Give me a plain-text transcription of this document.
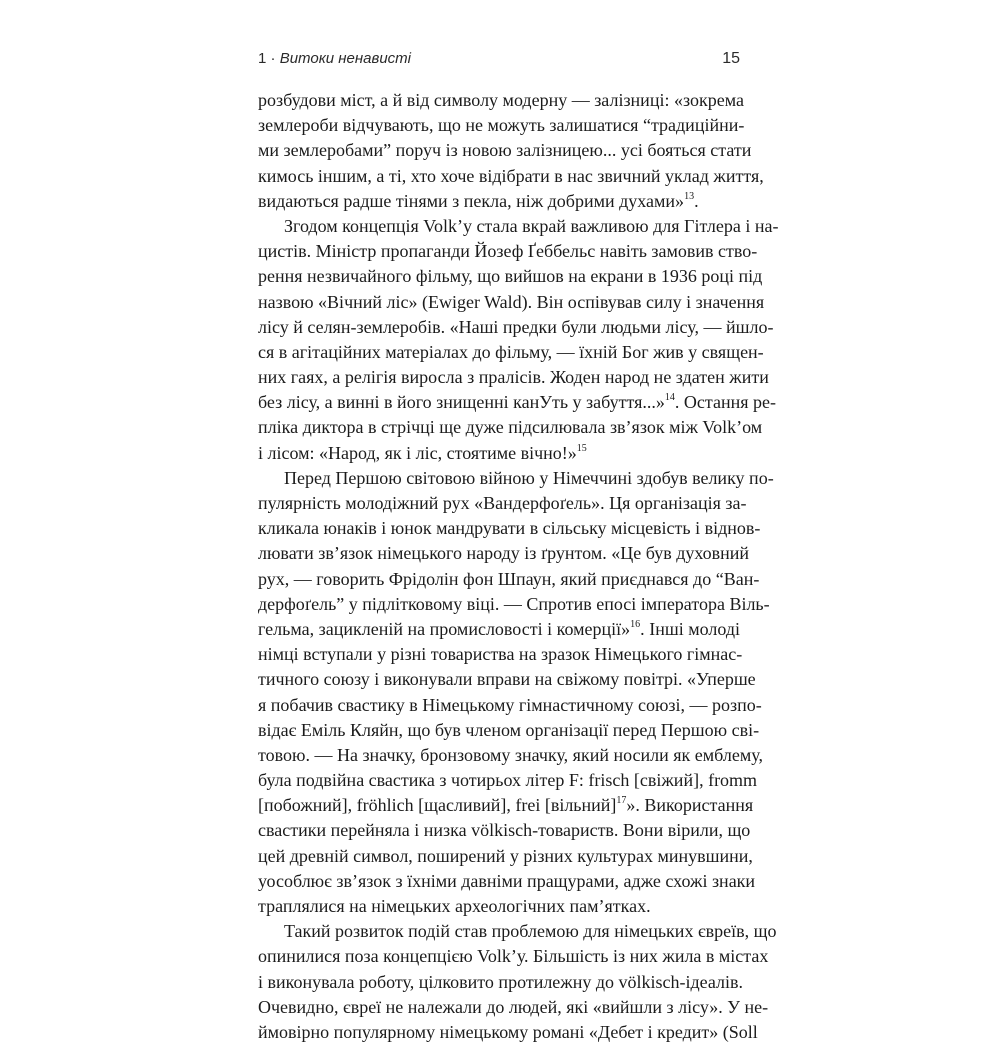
1 · Витоки ненависті	15
розбудови міст, а й від символу модерну — залізниці: «зокрема
землероби відчувають, що не можуть залишатися “традиційни-
ми землеробами” поруч із новою залізницею... усі бояться стати
кимось іншим, а ті, хто хоче відібрати в нас звичний уклад життя,
видаються радше тінями з пекла, ніж добрими духами»$^{13}$.
Згодом концепція Volk’у стала вкрай важливою для Гітлера і на-
цистів. Міністр пропаганди Йозеф Ґеббельс навіть замовив ство-
рення незвичайного фільму, що вийшов на екрани в 1936 році під
назвою «Вічний ліс» (Ewiger Wald). Він оспівував силу і значення
лісу й селян-землеробів. «Наші предки були людьми лісу, — йшло-
ся в агітаційних матеріалах до фільму, — їхній Бог жив у священ-
них гаях, а релігія виросла з пралісів. Жоден народ не здатен жити
без лісу, а винні в його знищенні канУть у забуття...»$^{14}$. Остання ре-
пліка диктора в стрічці ще дуже підсилювала зв’язок між Volk’ом
і лісом: «Народ, як і ліс, стоятиме вічно!»$^{15}$
Перед Першою світовою війною у Німеччині здобув велику по-
пулярність молодіжний рух «Вандерфоґель». Ця організація за-
кликала юнаків і юнок мандрувати в сільську місцевість і віднов-
лювати зв’язок німецького народу із ґрунтом. «Це був духовний
рух, — говорить Фрідолін фон Шпаун, який приєднався до “Ван-
дерфоґель” у підлітковому віці. — Спротив епосі імператора Віль-
гельма, зацикленій на промисловості і комерції»$^{16}$. Інші молоді
німці вступали у різні товариства на зразок Німецького гімнас-
тичного союзу і виконували вправи на свіжому повітрі. «Уперше
я побачив свастику в Німецькому гімнастичному союзі, — розпо-
відає Еміль Кляйн, що був членом організації перед Першою сві-
товою. — На значку, бронзовому значку, який носили як емблему,
була подвійна свастика з чотирьох літер F: frisch [свіжий], fromm
[побожний], fröhlich [щасливий], frei [вільний]$^{17}$». Використання
свастики перейняла і низка völkisch-товариств. Вони вірили, що
цей древній символ, поширений у різних культурах минувшини,
уособлює зв’язок з їхніми давніми пращурами, адже схожі знаки
траплялися на німецьких археологічних пам’ятках.
Такий розвиток подій став проблемою для німецьких євреїв, що
опинилися поза концепцією Volk’у. Більшість із них жила в містах
і виконувала роботу, цілковито протилежну до völkisch-ідеалів.
Очевидно, євреї не належали до людей, які «вийшли з лісу». У не-
ймовірно популярному німецькому романі «Дебет і кредит» (Soll
